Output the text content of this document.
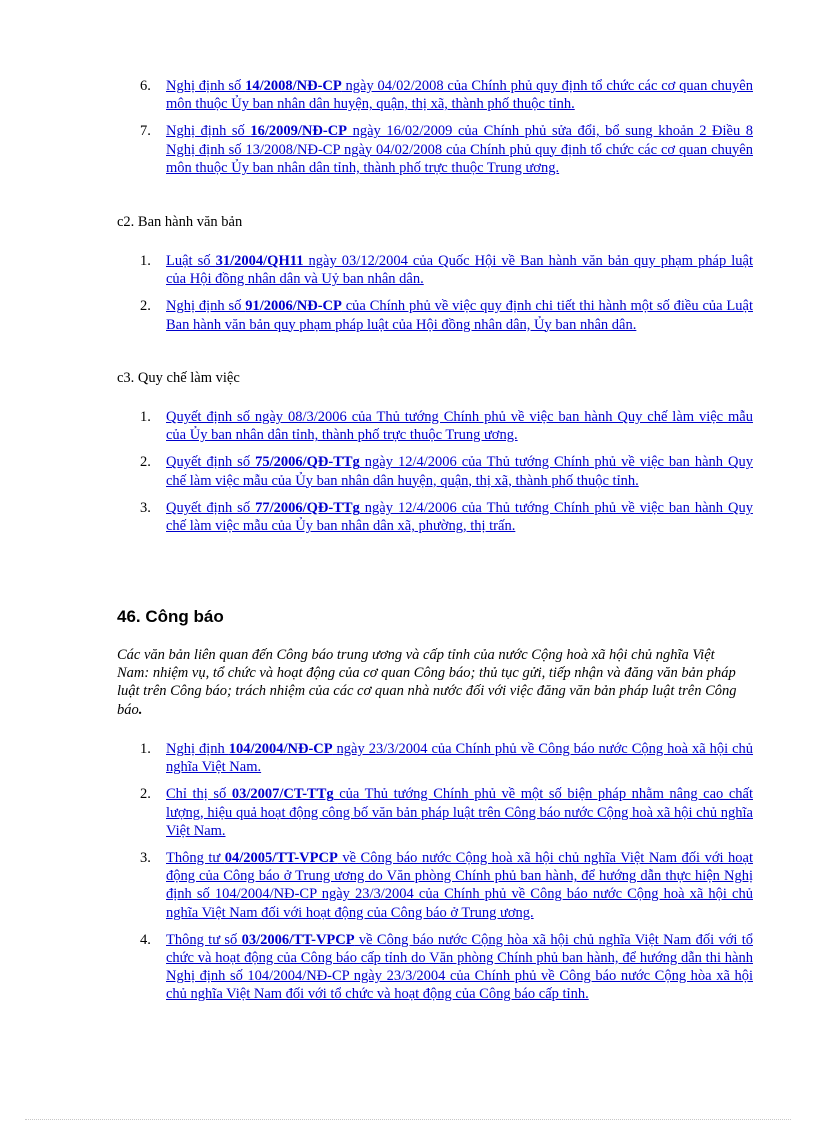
6. Nghị định số 14/2008/NĐ-CP ngày 04/02/2008 của Chính phủ quy định tổ chức các cơ quan chuyên môn thuộc Ủy ban nhân dân huyện, quận, thị xã, thành phố thuộc tỉnh.
7. Nghị định số 16/2009/NĐ-CP ngày 16/02/2009 của Chính phủ sửa đổi, bổ sung khoản 2 Điều 8 Nghị định số 13/2008/NĐ-CP ngày 04/02/2008 của Chính phủ quy định tổ chức các cơ quan chuyên môn thuộc Ủy ban nhân dân tỉnh, thành phố trực thuộc Trung ương.
c2. Ban hành văn bản
1. Luật số 31/2004/QH11 ngày 03/12/2004 của Quốc Hội về Ban hành văn bản quy phạm pháp luật của Hội đồng nhân dân và Uỷ ban nhân dân.
2. Nghị định số 91/2006/NĐ-CP của Chính phủ về việc quy định chi tiết thi hành một số điều của Luật Ban hành văn bản quy phạm pháp luật của Hội đồng nhân dân, Ủy ban nhân dân.
c3. Quy chế làm việc
1. Quyết định số ngày 08/3/2006 của Thủ tướng Chính phủ về việc ban hành Quy chế làm việc mẫu của Ủy ban nhân dân tỉnh, thành phố trực thuộc Trung ương.
2. Quyết định số 75/2006/QĐ-TTg ngày 12/4/2006 của Thủ tướng Chính phủ về việc ban hành Quy chế làm việc mẫu của Ủy ban nhân dân huyện, quận, thị xã, thành phố thuộc tỉnh.
3. Quyết định số 77/2006/QĐ-TTg ngày 12/4/2006 của Thủ tướng Chính phủ về việc ban hành Quy chế làm việc mẫu của Ủy ban nhân dân xã, phường, thị trấn.
46. Công báo
Các văn bản liên quan đến Công báo trung ương và cấp tỉnh của nước Cộng hoà xã hội chủ nghĩa Việt Nam: nhiệm vụ, tổ chức và hoạt động của cơ quan Công báo; thủ tục gửi, tiếp nhận và đăng văn bản pháp luật trên Công báo; trách nhiệm của các cơ quan nhà nước đối với việc đăng văn bản pháp luật trên Công báo.
1. Nghị định 104/2004/NĐ-CP ngày 23/3/2004 của Chính phủ về Công báo nước Cộng hoà xã hội chủ nghĩa Việt Nam.
2. Chỉ thị số 03/2007/CT-TTg của Thủ tướng Chính phủ về một số biện pháp nhằm nâng cao chất lượng, hiệu quả hoạt động công bố văn bản pháp luật trên Công báo nước Cộng hoà xã hội chủ nghĩa Việt Nam.
3. Thông tư 04/2005/TT-VPCP về Công báo nước Cộng hoà xã hội chủ nghĩa Việt Nam đối với hoạt động của Công báo ở Trung ương do Văn phòng Chính phủ ban hành, để hướng dẫn thực hiện Nghị định số 104/2004/NĐ-CP ngày 23/3/2004 của Chính phủ về Công báo nước Cộng hoà xã hội chủ nghĩa Việt Nam đối với hoạt động của Công báo ở Trung ương.
4. Thông tư số 03/2006/TT-VPCP về Công báo nước Cộng hòa xã hội chủ nghĩa Việt Nam đối với tổ chức và hoạt động của Công báo cấp tỉnh do Văn phòng Chính phủ ban hành, để hướng dẫn thi hành Nghị định số 104/2004/NĐ-CP ngày 23/3/2004 của Chính phủ về Công báo nước Cộng hòa xã hội chủ nghĩa Việt Nam đối với tổ chức và hoạt động của Công báo cấp tỉnh.
